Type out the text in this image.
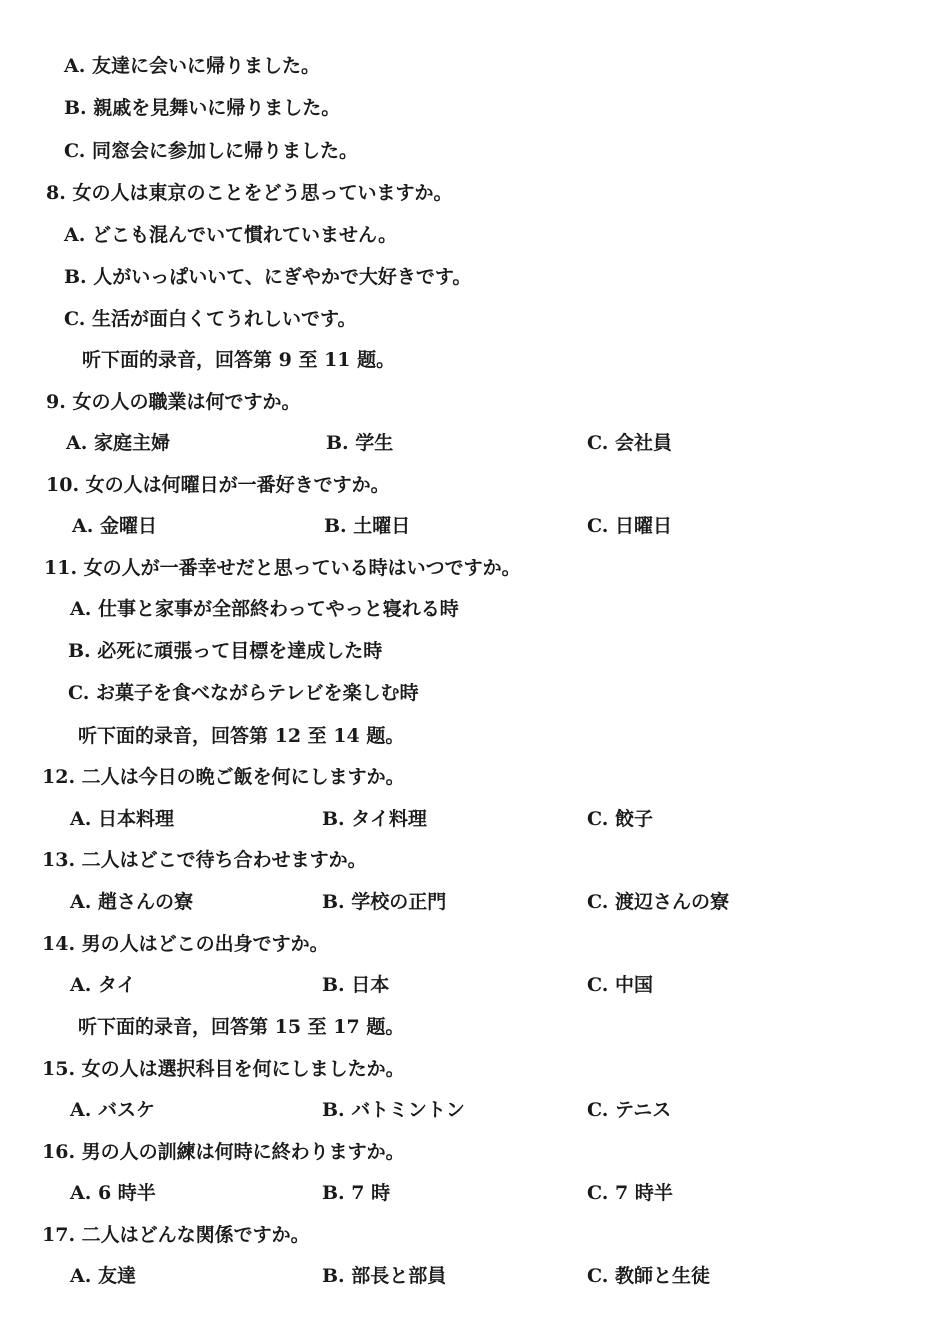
A. 友達に会いに帰りました。
B. 親戚を見舞いに帰りました。
C. 同窓会に参加しに帰りました。
8. 女の人は東京のことをどう思っていますか。
A. どこも混んでいて慣れていません。
B. 人がいっぱいいて、にぎやかで大好きです。
C. 生活が面白くてうれしいです。
听下面的录音，回答第 9 至 11 题。
9. 女の人の職業は何ですか。
A. 家庭主婦	B. 学生	C. 会社員
10. 女の人は何曜日が一番好きですか。
A. 金曜日	B. 土曜日	C. 日曜日
11. 女の人が一番幸せだと思っている時はいつですか。
A. 仕事と家事が全部終わってやっと寝れる時
B. 必死に頑張って目標を達成した時
C. お菓子を食べながらテレビを楽しむ時
听下面的录音，回答第 12 至 14 题。
12. 二人は今日の晩ご飯を何にしますか。
A. 日本料理	B. タイ料理	C. 餃子
13. 二人はどこで待ち合わせますか。
A. 趙さんの寮	B. 学校の正門	C. 渡辺さんの寮
14. 男の人はどこの出身ですか。
A. タイ	B. 日本	C. 中国
听下面的录音，回答第 15 至 17 题。
15. 女の人は選択科目を何にしましたか。
A. バスケ	B. バトミントン	C. テニス
16. 男の人の訓練は何時に終わりますか。
A. 6 時半	B. 7 時	C. 7 時半
17. 二人はどんな関係ですか。
A. 友達	B. 部長と部員	C. 教師と生徒
